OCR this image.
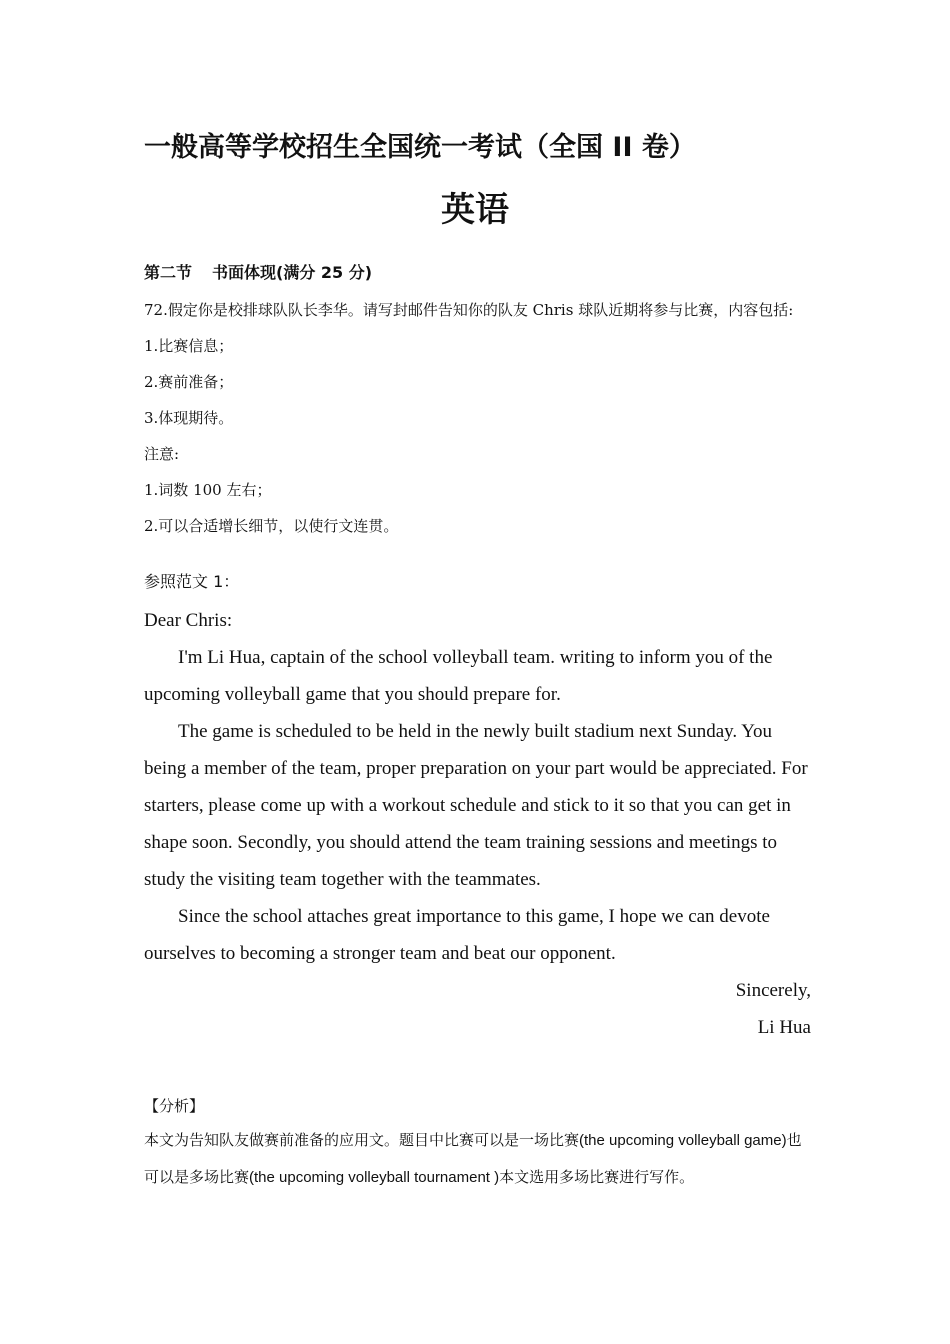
一般高等学校招生全国统一考试（全国 II 卷）
英语
第二节 书面体现(满分 25 分)

72.假定你是校排球队队长李华。请写封邮件告知你的队友 Chris 球队近期将参与比赛，内容包括:

1.比赛信息；

2.赛前准备；

3.体现期待。

注意:

1.词数 100 左右；

2.可以合适增长细节，以使行文连贯。

参照范文 1：

Dear Chris:

I'm Li Hua, captain of the school volleyball team. writing to inform you of the upcoming volleyball game that you should prepare for.

The game is scheduled to be held in the newly built stadium next Sunday. You being a member of the team, proper preparation on your part would be appreciated. For starters, please come up with a workout schedule and stick to it so that you can get in shape soon. Secondly, you should attend the team training sessions and meetings to study the visiting team together with the teammates.

Since the school attaches great importance to this game, I hope we can devote ourselves to becoming a stronger team and beat our opponent.

Sincerely,

Li Hua

【分析】
本文为告知队友做赛前准备的应用文。题目中比赛可以是一场比赛(the upcoming volleyball game)也可以是多场比赛(the upcoming volleyball tournament )本文选用多场比赛进行写作。
